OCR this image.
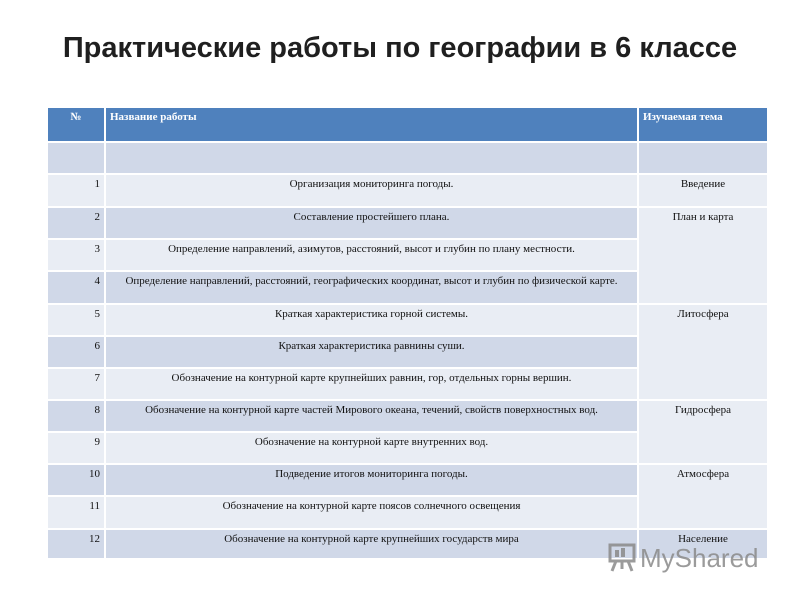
Практические работы по географии в 6 классе
№	Название работы	Изучаемая тема

1	Организация мониторинга погоды.	Введение
2	Составление простейшего плана.	План и карта
3	Определение направлений, азимутов, расстояний, высот и глубин по плану местности.	
4	Определение направлений, расстояний, географических координат, высот и глубин по физической карте.	
5	Краткая характеристика горной системы.	Литосфера
6	Краткая характеристика равнины суши.	
7	Обозначение на контурной карте крупнейших равнин, гор, отдельных горны вершин.	
8	Обозначение на контурной карте частей Мирового океана, течений, свойств поверхностных вод.	Гидросфера
9	Обозначение на контурной карте внутренних вод.	
10	Подведение итогов мониторинга погоды.	Атмосфера
11	Обозначение на контурной карте поясов солнечного освещения	
12	Обозначение на контурной карте крупнейших государств мира	Население
MyShared
